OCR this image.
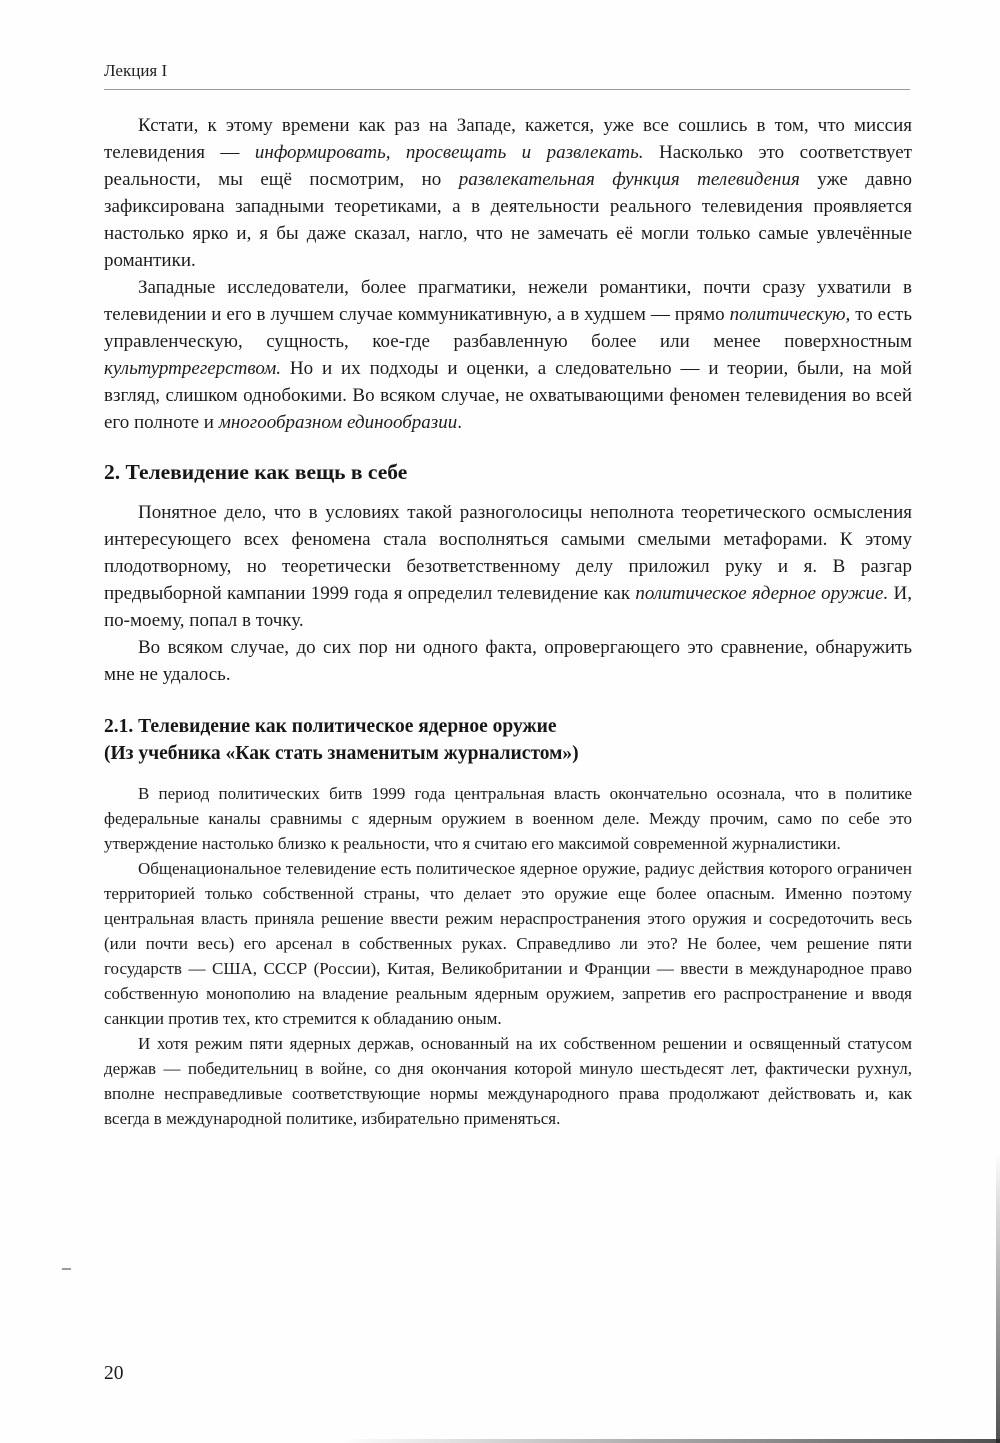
Лекция I

Кстати, к этому времени как раз на Западе, кажется, уже все сошлись в том, что миссия телевидения — информировать, просвещать и развлекать. Насколько это соответствует реальности, мы ещё посмотрим, но развлекательная функция телевидения уже давно зафиксирована западными теоретиками, а в деятельности реального телевидения проявляется настолько ярко и, я бы даже сказал, нагло, что не замечать её могли только самые увлечённые романтики.

Западные исследователи, более прагматики, нежели романтики, почти сразу ухватили в телевидении и его в лучшем случае коммуникативную, а в худшем — прямо политическую, то есть управленческую, сущность, кое-где разбавленную более или менее поверхностным культуртрегерством. Но и их подходы и оценки, а следовательно — и теории, были, на мой взгляд, слишком однобокими. Во всяком случае, не охватывающими феномен телевидения во всей его полноте и многообразном единообразии.

2. Телевидение как вещь в себе

Понятное дело, что в условиях такой разноголосицы неполнота теоретического осмысления интересующего всех феномена стала восполняться самыми смелыми метафорами. К этому плодотворному, но теоретически безответственному делу приложил руку и я. В разгар предвыборной кампании 1999 года я определил телевидение как политическое ядерное оружие. И, по-моему, попал в точку.

Во всяком случае, до сих пор ни одного факта, опровергающего это сравнение, обнаружить мне не удалось.

2.1. Телевидение как политическое ядерное оружие
(Из учебника «Как стать знаменитым журналистом»)

В период политических битв 1999 года центральная власть окончательно осознала, что в политике федеральные каналы сравнимы с ядерным оружием в военном деле. Между прочим, само по себе это утверждение настолько близко к реальности, что я считаю его максимой современной журналистики.

Общенациональное телевидение есть политическое ядерное оружие, радиус действия которого ограничен территорией только собственной страны, что делает это оружие еще более опасным. Именно поэтому центральная власть приняла решение ввести режим нераспространения этого оружия и сосредоточить весь (или почти весь) его арсенал в собственных руках. Справедливо ли это? Не более, чем решение пяти государств — США, СССР (России), Китая, Великобритании и Франции — ввести в международное право собственную монополию на владение реальным ядерным оружием, запретив его распространение и вводя санкции против тех, кто стремится к обладанию оным.

И хотя режим пяти ядерных держав, основанный на их собственном решении и освященный статусом держав — победительниц в войне, со дня окончания которой минуло шестьдесят лет, фактически рухнул, вполне несправедливые соответствующие нормы международного права продолжают действовать и, как всегда в международной политике, избирательно применяться.

20
